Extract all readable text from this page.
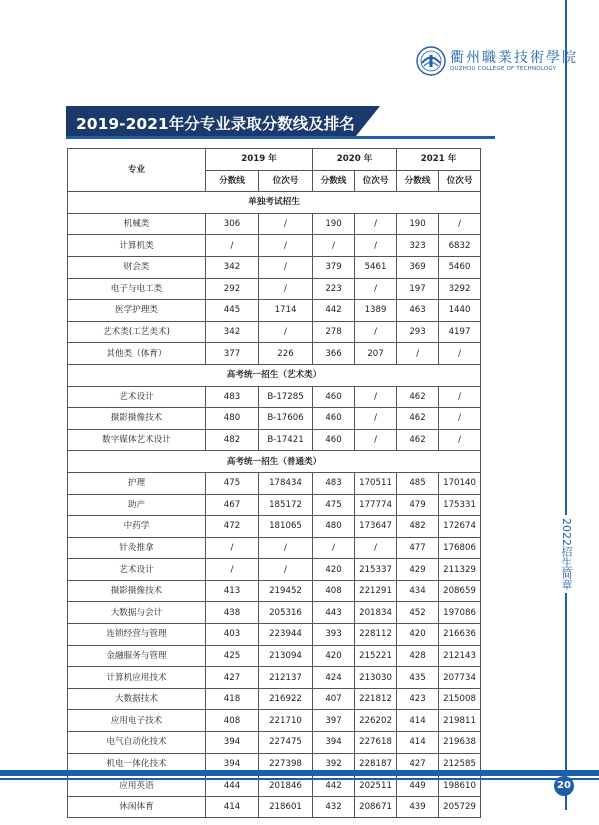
2022招生简章
衢州職業技術學院
QUZHOU COLLEGE OF TECHNOLOGY
2019-2021年分专业录取分数线及排名
专业	2019 年		2020 年		2021 年	
	分数线	位次号	分数线	位次号	分数线	位次号
单独考试招生						
机械类	306	/	190	/	190	/
计算机类	/	/	/	/	323	6832
财会类	342	/	379	5461	369	5460
电子与电工类	292	/	223	/	197	3292
医学护理类	445	1714	442	1389	463	1440
艺术类(工艺美术)	342	/	278	/	293	4197
其他类（体育）	377	226	366	207	/	/
高考统一招生（艺术类）						
艺术设计	483	B-17285	460	/	462	/
摄影摄像技术	480	B-17606	460	/	462	/
数字媒体艺术设计	482	B-17421	460	/	462	/
高考统一招生（普通类）						
护理	475	178434	483	170511	485	170140
助产	467	185172	475	177774	479	175331
中药学	472	181065	480	173647	482	172674
针灸推拿	/	/	/	/	477	176806
艺术设计	/	/	420	215337	429	211329
摄影摄像技术	413	219452	408	221291	434	208659
大数据与会计	438	205316	443	201834	452	197086
连锁经营与管理	403	223944	393	228112	420	216636
金融服务与管理	425	213094	420	215221	428	212143
计算机应用技术	427	212137	424	213030	435	207734
大数据技术	418	216922	407	221812	423	215008
应用电子技术	408	221710	397	226202	414	219811
电气自动化技术	394	227475	394	227618	414	219638
机电一体化技术	394	227398	392	228187	427	212585
应用英语	444	201846	442	202511	449	198610
休闲体育	414	218601	432	208671	439	205729
20
